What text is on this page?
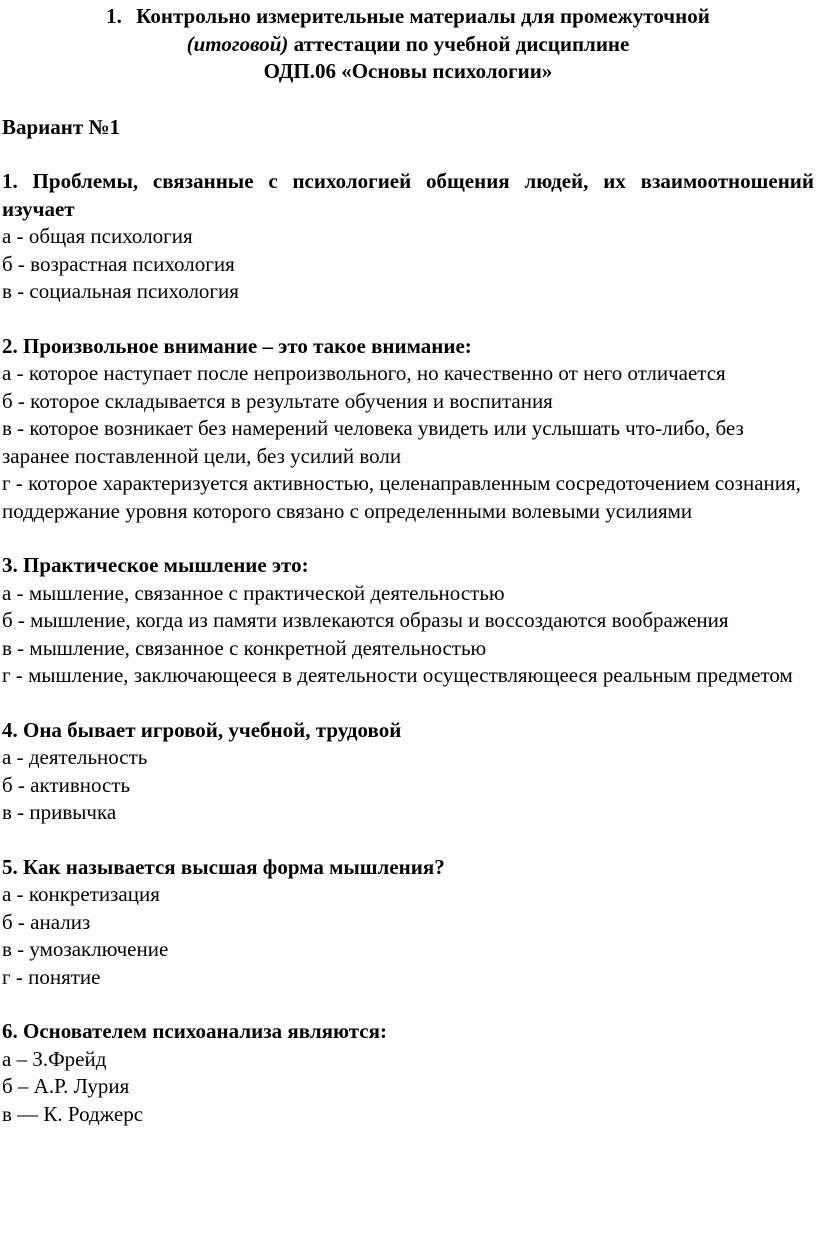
1. Контрольно измерительные материалы для промежуточной
(итоговой) аттестации по учебной дисциплине
ОДП.06 «Основы психологии»
Вариант №1
1. Проблемы, связанные с психологией общения людей, их взаимоотношений изучает
а - общая психология
б - возрастная психология
в - социальная психология
2. Произвольное внимание – это такое внимание:
а - которое наступает после непроизвольного, но качественно от него отличается
б - которое складывается в результате обучения и воспитания
в - которое возникает без намерений человека увидеть или услышать что-либо, без заранее поставленной цели, без усилий воли
г - которое характеризуется активностью, целенаправленным сосредоточением сознания, поддержание уровня которого связано с определенными волевыми усилиями
3. Практическое мышление это:
а - мышление, связанное с практической деятельностью
б - мышление, когда из памяти извлекаются образы и воссоздаются воображения
в - мышление, связанное с конкретной деятельностью
г - мышление, заключающееся в деятельности осуществляющееся реальным предметом
4. Она бывает игровой, учебной, трудовой
а - деятельность
б - активность
в - привычка
5. Как называется высшая форма мышления?
а - конкретизация
б - анализ
в - умозаключение
г - понятие
6. Основателем психоанализа являются:
а – З.Фрейд
б – А.Р. Лурия
в –– К. Роджерс
